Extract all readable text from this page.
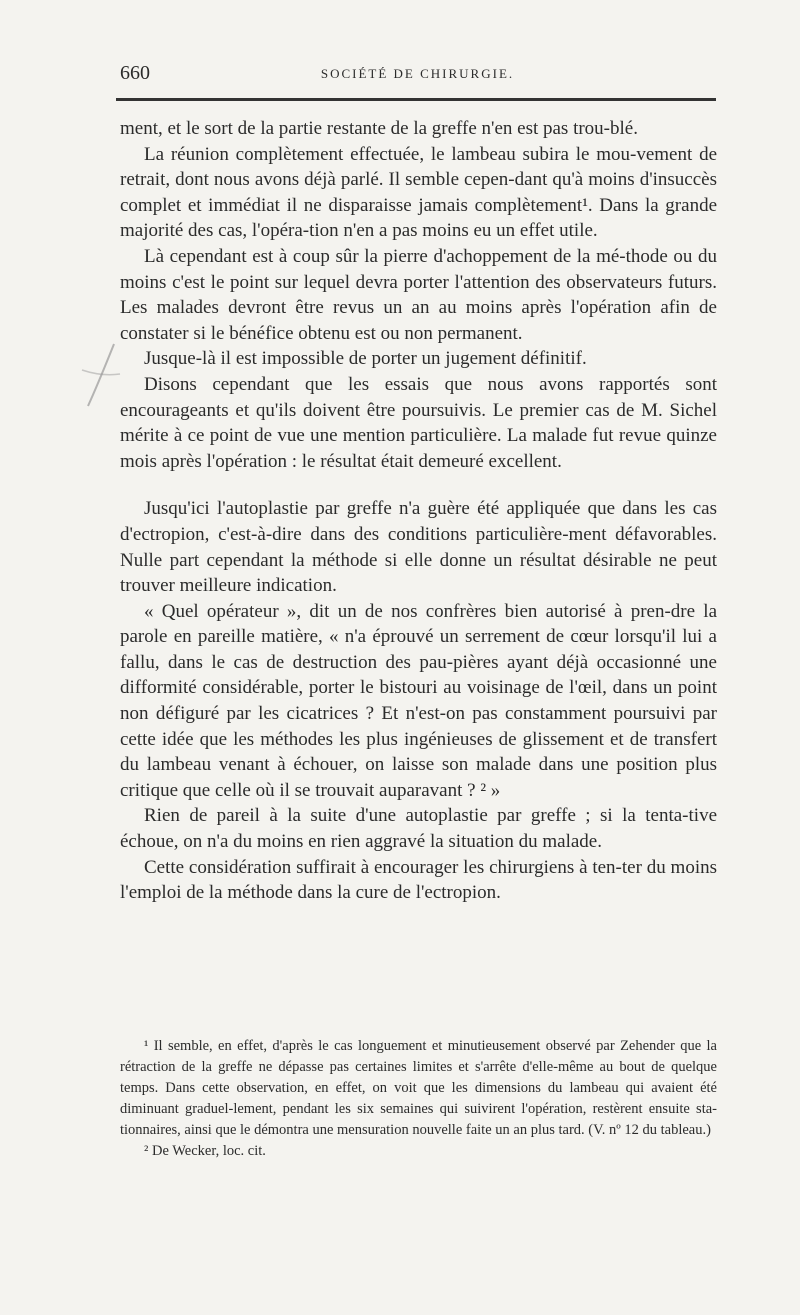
660	SOCIÉTÉ DE CHIRURGIE.

ment, et le sort de la partie restante de la greffe n'en est pas trou-blé.

La réunion complètement effectuée, le lambeau subira le mou-vement de retrait, dont nous avons déjà parlé. Il semble cepen-dant qu'à moins d'insuccès complet et immédiat il ne disparaisse jamais complètement¹. Dans la grande majorité des cas, l'opéra-tion n'en a pas moins eu un effet utile.

Là cependant est à coup sûr la pierre d'achoppement de la mé-thode ou du moins c'est le point sur lequel devra porter l'attention des observateurs futurs. Les malades devront être revus un an au moins après l'opération afin de constater si le bénéfice obtenu est ou non permanent.

Jusque-là il est impossible de porter un jugement définitif.

Disons cependant que les essais que nous avons rapportés sont encourageants et qu'ils doivent être poursuivis. Le premier cas de M. Sichel mérite à ce point de vue une mention particulière. La malade fut revue quinze mois après l'opération : le résultat était demeuré excellent.

Jusqu'ici l'autoplastie par greffe n'a guère été appliquée que dans les cas d'ectropion, c'est-à-dire dans des conditions particulière-ment défavorables. Nulle part cependant la méthode si elle donne un résultat désirable ne peut trouver meilleure indication.

« Quel opérateur », dit un de nos confrères bien autorisé à pren-dre la parole en pareille matière, « n'a éprouvé un serrement de cœur lorsqu'il lui a fallu, dans le cas de destruction des pau-pières ayant déjà occasionné une difformité considérable, porter le bistouri au voisinage de l'œil, dans un point non défiguré par les cicatrices ? Et n'est-on pas constamment poursuivi par cette idée que les méthodes les plus ingénieuses de glissement et de transfert du lambeau venant à échouer, on laisse son malade dans une position plus critique que celle où il se trouvait auparavant ? ² »

Rien de pareil à la suite d'une autoplastie par greffe ; si la tenta-tive échoue, on n'a du moins en rien aggravé la situation du malade.

Cette considération suffirait à encourager les chirurgiens à ten-ter du moins l'emploi de la méthode dans la cure de l'ectropion.

¹ Il semble, en effet, d'après le cas longuement et minutieusement observé par Zehender que la rétraction de la greffe ne dépasse pas certaines limites et s'arrête d'elle-même au bout de quelque temps. Dans cette observation, en effet, on voit que les dimensions du lambeau qui avaient été diminuant graduel-lement, pendant les six semaines qui suivirent l'opération, restèrent ensuite sta-tionnaires, ainsi que le démontra une mensuration nouvelle faite un an plus tard. (V. nº 12 du tableau.)

² De Wecker, loc. cit.
